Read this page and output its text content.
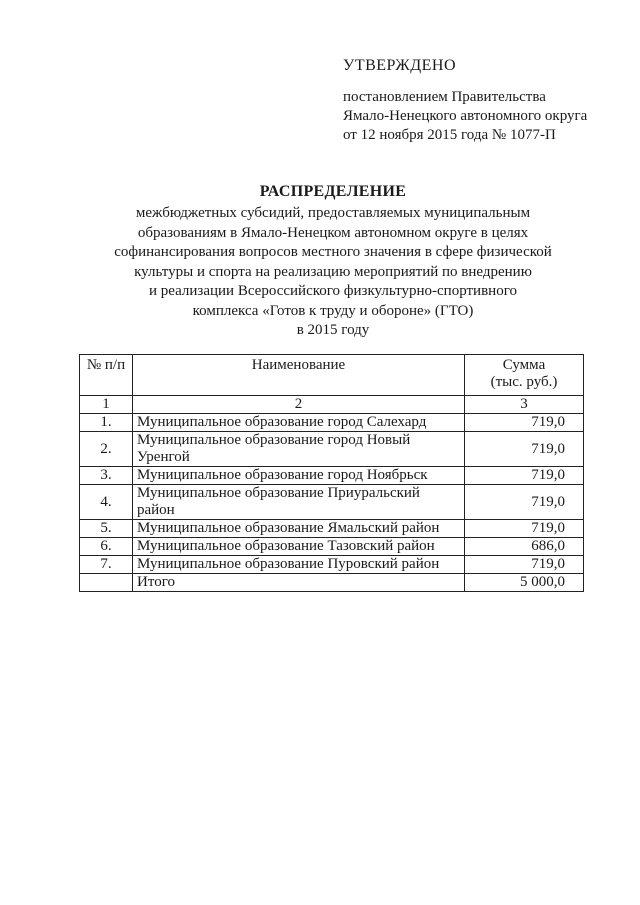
УТВЕРЖДЕНО

постановлением Правительства

Ямало-Ненецкого автономного округа

от 12 ноября 2015 года № 1077-П

РАСПРЕДЕЛЕНИЕ

межбюджетных субсидий, предоставляемых муниципальным

образованиям в Ямало-Ненецком автономном округе в целях

софинансирования вопросов местного значения в сфере физической

культуры и спорта на реализацию мероприятий по внедрению

и реализации Всероссийского физкультурно-спортивного

комплекса «Готов к труду и обороне» (ГТО)

в 2015 году

№ п/п	Наименование	Сумма
(тыс. руб.)

1	2	3
1.	Муниципальное образование город Салехард	719,0
2.	Муниципальное образование город Новый Уренгой	719,0
3.	Муниципальное образование город Ноябрьск	719,0
4.	Муниципальное образование Приуральский район	719,0
5.	Муниципальное образование Ямальский район	719,0
6.	Муниципальное образование Тазовский район	686,0
7.	Муниципальное образование Пуровский район	719,0
	Итого	5 000,0
